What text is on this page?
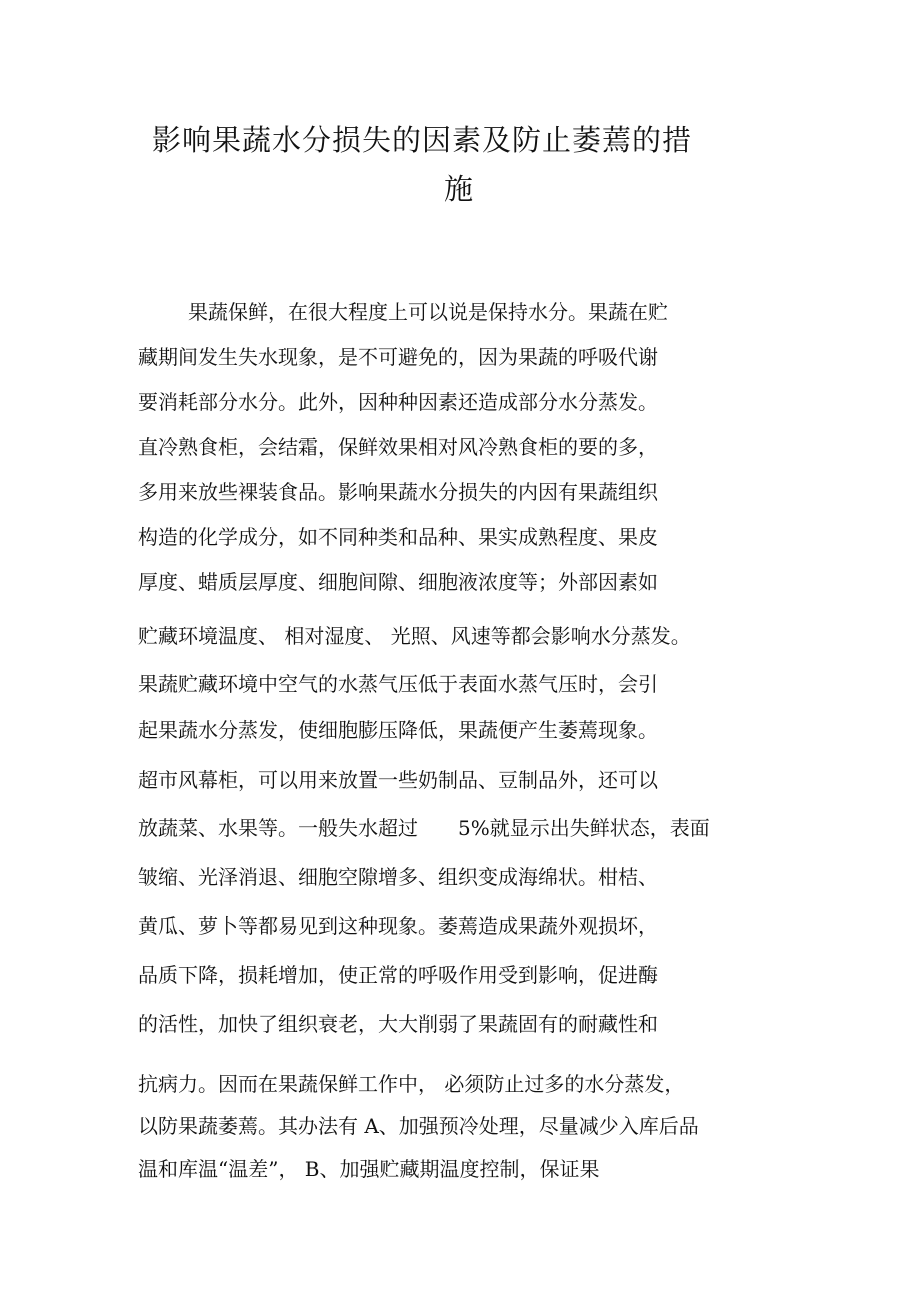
影响果蔬水分损失的因素及防止萎蔫的措
施
果蔬保鲜，在很大程度上可以说是保持水分。果蔬在贮
藏期间发生失水现象，是不可避免的，因为果蔬的呼吸代谢
要消耗部分水分。此外，因种种因素还造成部分水分蒸发。
直冷熟食柜，会结霜，保鲜效果相对风冷熟食柜的要的多，
多用来放些裸装食品。影响果蔬水分损失的内因有果蔬组织
构造的化学成分，如不同种类和品种、果实成熟程度、果皮
厚度、蜡质层厚度、细胞间隙、细胞液浓度等；外部因素如
贮藏环境温度、 相对湿度、 光照、风速等都会影响水分蒸发。
果蔬贮藏环境中空气的水蒸气压低于表面水蒸气压时，会引
起果蔬水分蒸发，使细胞膨压降低，果蔬便产生萎蔫现象。
超市风幕柜，可以用来放置一些奶制品、豆制品外，还可以
放蔬菜、水果等。一般失水超过　　5%就显示出失鲜状态，表面
皱缩、光泽消退、细胞空隙增多、组织变成海绵状。柑桔、
黄瓜、萝卜等都易见到这种现象。萎蔫造成果蔬外观损坏，
品质下降，损耗增加，使正常的呼吸作用受到影响，促进酶
的活性，加快了组织衰老，大大削弱了果蔬固有的耐藏性和
抗病力。因而在果蔬保鲜工作中， 必须防止过多的水分蒸发，
以防果蔬萎蔫。其办法有 A、加强预冷处理，尽量减少入库后品
温和库温“温差”， B、加强贮藏期温度控制，保证果
